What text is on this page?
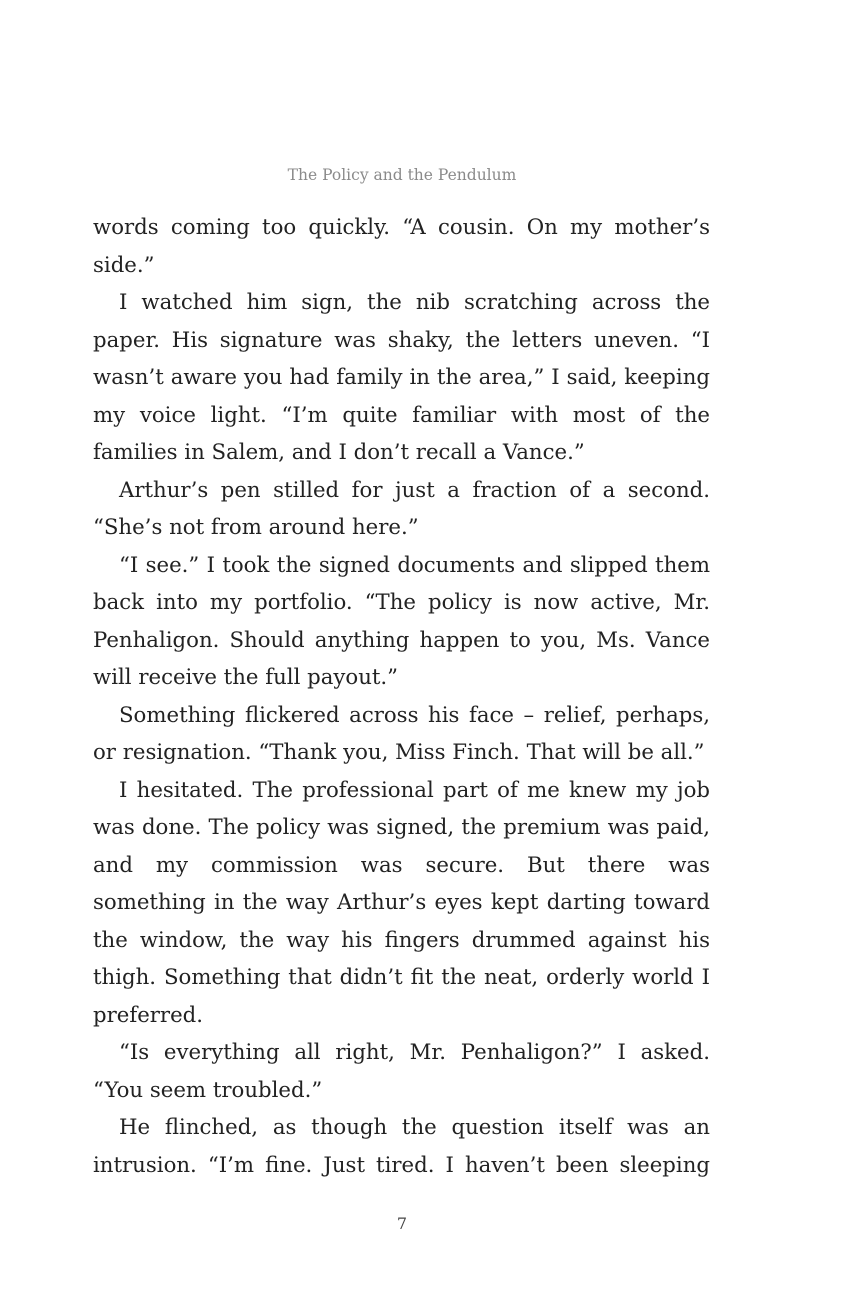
The Policy and the Pendulum

words coming too quickly. “A cousin. On my mother’s side.”

I watched him sign, the nib scratching across the paper. His signature was shaky, the letters uneven. “I wasn’t aware you had family in the area,” I said, keeping my voice light. “I’m quite familiar with most of the families in Salem, and I don’t recall a Vance.”

Arthur’s pen stilled for just a fraction of a second. “She’s not from around here.”

“I see.” I took the signed documents and slipped them back into my portfolio. “The policy is now active, Mr. Penhaligon. Should anything happen to you, Ms. Vance will receive the full payout.”

Something flickered across his face – relief, perhaps, or resignation. “Thank you, Miss Finch. That will be all.”

I hesitated. The professional part of me knew my job was done. The policy was signed, the premium was paid, and my commission was secure. But there was something in the way Arthur’s eyes kept darting toward the window, the way his fingers drummed against his thigh. Something that didn’t fit the neat, orderly world I preferred.

“Is everything all right, Mr. Penhaligon?” I asked. “You seem troubled.”

He flinched, as though the question itself was an intrusion. “I’m fine. Just tired. I haven’t been sleeping

7
